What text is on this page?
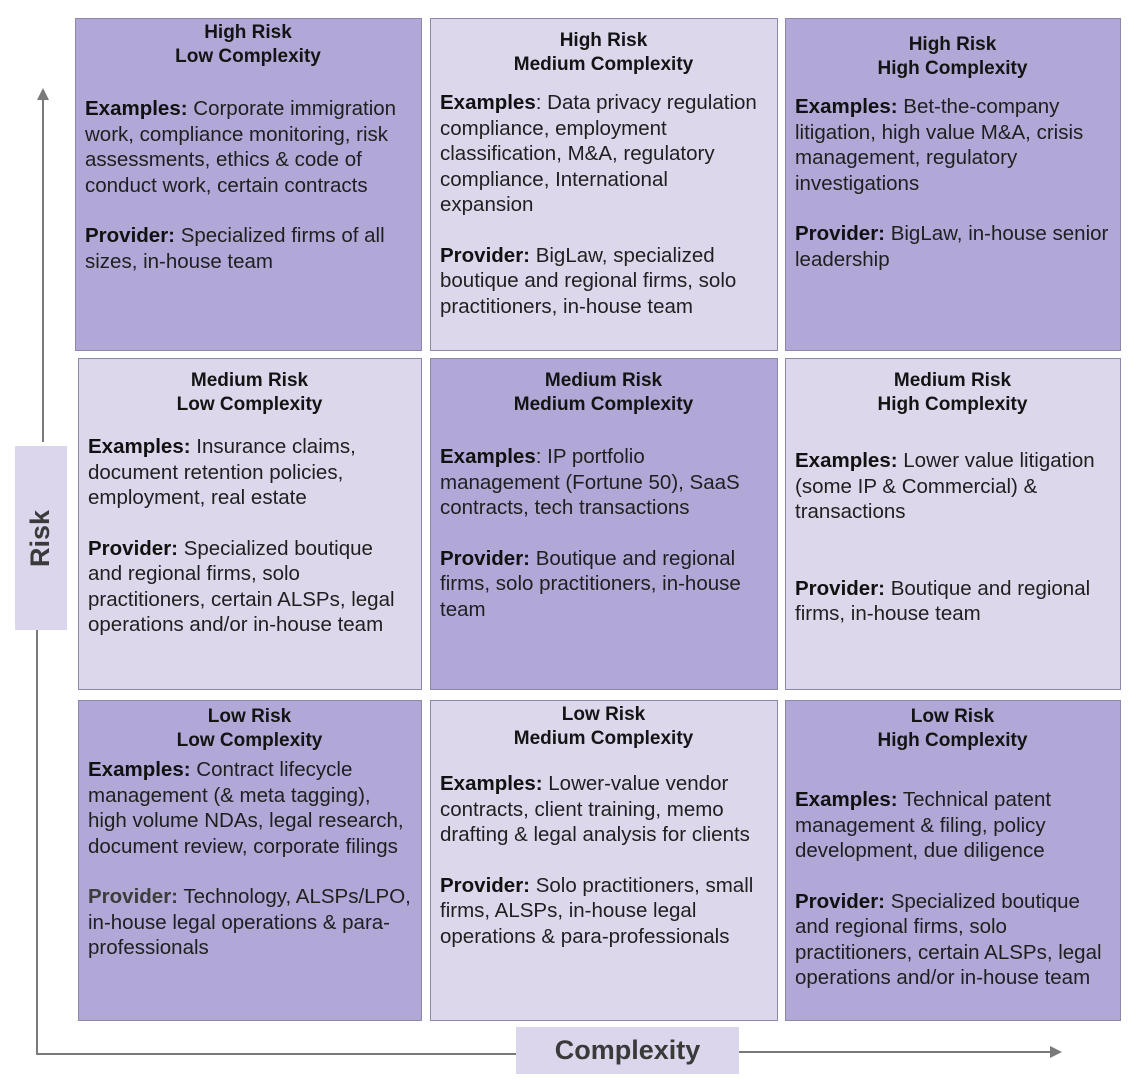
Risk
Complexity
High Risk
Low Complexity
Examples: Corporate immigration work, compliance monitoring, risk assessments, ethics & code of conduct work, certain contracts
Provider: Specialized firms of all sizes, in-house team
High Risk
Medium Complexity
Examples: Data privacy regulation compliance, employment classification, M&A, regulatory compliance, International expansion
Provider: BigLaw, specialized boutique and regional firms, solo practitioners, in-house team
High Risk
High Complexity
Examples: Bet-the-company litigation, high value M&A, crisis management, regulatory investigations
Provider: BigLaw, in-house senior leadership
Medium Risk
Low Complexity
Examples: Insurance claims, document retention policies, employment, real estate
Provider: Specialized boutique and regional firms, solo practitioners, certain ALSPs, legal operations and/or in-house team
Medium Risk
Medium Complexity
Examples: IP portfolio management (Fortune 50), SaaS contracts, tech transactions
Provider: Boutique and regional firms, solo practitioners, in-house team
Medium Risk
High Complexity
Examples: Lower value litigation (some IP & Commercial) & transactions
Provider: Boutique and regional firms, in-house team
Low Risk
Low Complexity
Examples: Contract lifecycle management (& meta tagging), high volume NDAs, legal research, document review, corporate filings
Provider: Technology, ALSPs/LPO, in-house legal operations & para-professionals
Low Risk
Medium Complexity
Examples: Lower-value vendor contracts, client training, memo drafting & legal analysis for clients
Provider: Solo practitioners, small firms, ALSPs, in-house legal operations & para-professionals
Low Risk
High Complexity
Examples: Technical patent management & filing, policy development, due diligence
Provider: Specialized boutique and regional firms, solo practitioners, certain ALSPs, legal operations and/or in-house team
